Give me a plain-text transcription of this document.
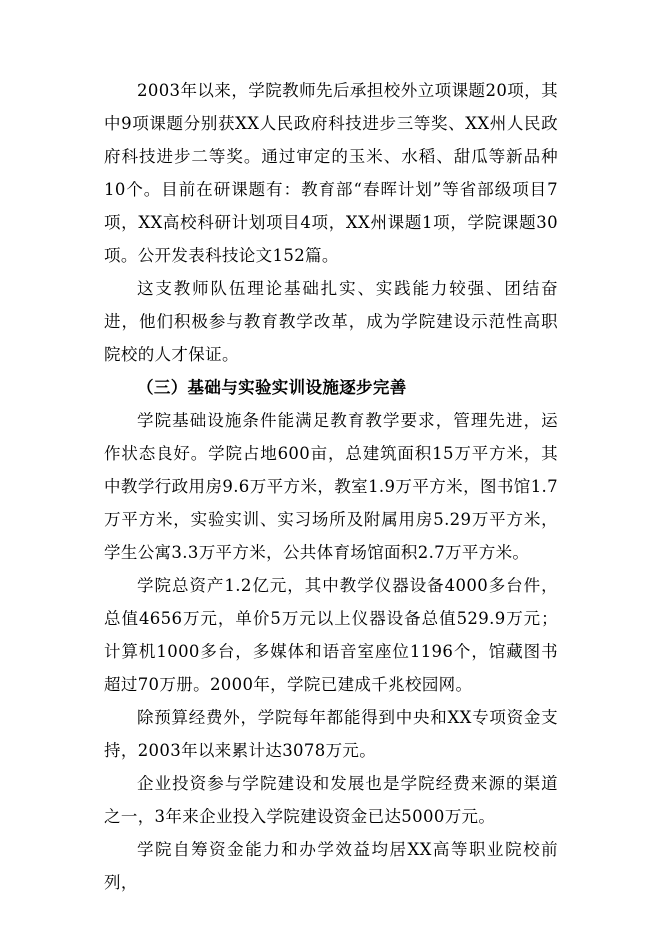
2003年以来，学院教师先后承担校外立项课题20项，其中9项课题分别获XX人民政府科技进步三等奖、XX州人民政府科技进步二等奖。通过审定的玉米、水稻、甜瓜等新品种10个。目前在研课题有：教育部“春晖计划”等省部级项目7项，XX高校科研计划项目4项，XX州课题1项，学院课题30项。公开发表科技论文152篇。

这支教师队伍理论基础扎实、实践能力较强、团结奋进，他们积极参与教育教学改革，成为学院建设示范性高职院校的人才保证。

（三）基础与实验实训设施逐步完善

学院基础设施条件能满足教育教学要求，管理先进，运作状态良好。学院占地600亩，总建筑面积15万平方米，其中教学行政用房9.6万平方米，教室1.9万平方米，图书馆1.7万平方米，实验实训、实习场所及附属用房5.29万平方米，学生公寓3.3万平方米，公共体育场馆面积2.7万平方米。

学院总资产1.2亿元，其中教学仪器设备4000多台件，总值4656万元，单价5万元以上仪器设备总值529.9万元；计算机1000多台，多媒体和语音室座位1196个，馆藏图书超过70万册。2000年，学院已建成千兆校园网。

除预算经费外，学院每年都能得到中央和XX专项资金支持，2003年以来累计达3078万元。

企业投资参与学院建设和发展也是学院经费来源的渠道之一，3年来企业投入学院建设资金已达5000万元。

学院自筹资金能力和办学效益均居XX高等职业院校前列，
